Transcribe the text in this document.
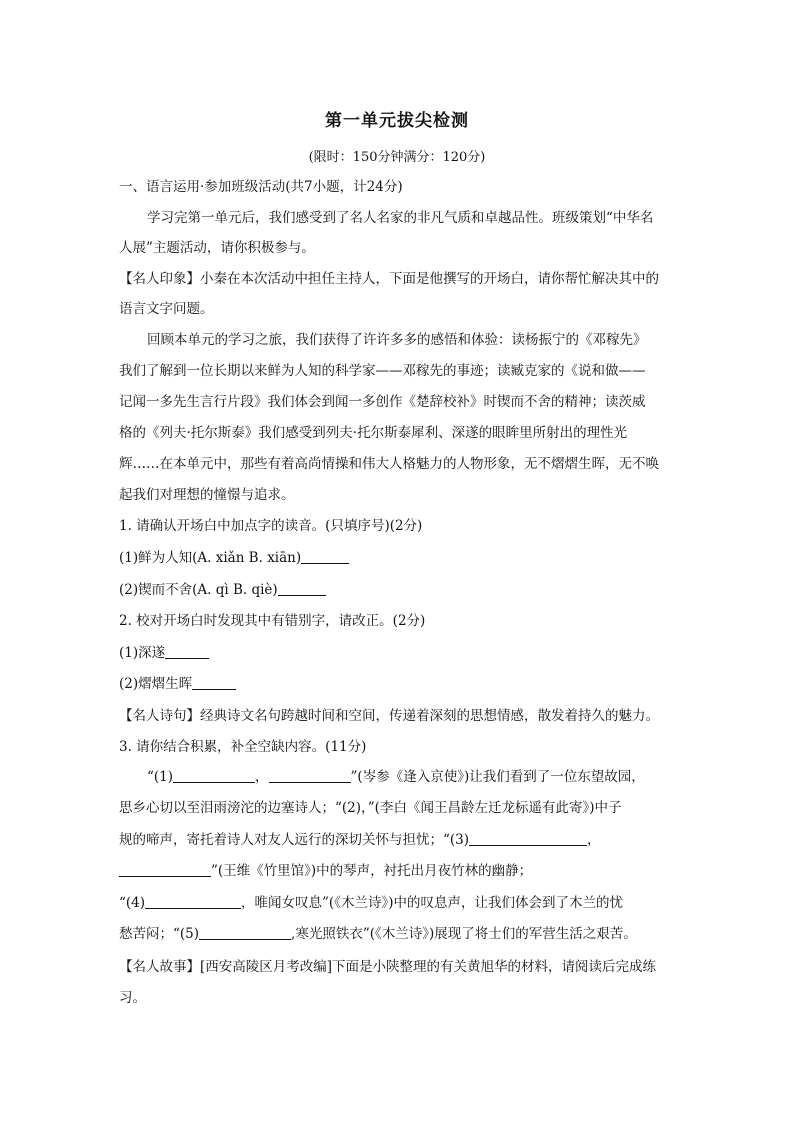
第一单元拔尖检测
(限时：150分钟满分：120分)
一、语言运用·参加班级活动(共7小题，计24分)
学习完第一单元后，我们感受到了名人名家的非凡气质和卓越品性。班级策划“中华名
人展”主题活动，请你积极参与。
【名人印象】小秦在本次活动中担任主持人，下面是他撰写的开场白，请你帮忙解决其中的
语言文字问题。
回顾本单元的学习之旅，我们获得了许许多多的感悟和体验：读杨振宁的《邓稼先》
我们了解到一位长期以来鲜为人知的科学家——邓稼先的事迹；读臧克家的《说和做——
记闻一多先生言行片段》我们体会到闻一多创作《楚辞校补》时锲而不舍的精神；读茨威
格的《列夫·托尔斯泰》我们感受到列夫·托尔斯泰犀利、深遂的眼眸里所射出的理性光
辉……在本单元中，那些有着高尚情操和伟大人格魅力的人物形象，无不熠熠生晖，无不唤
起我们对理想的憧憬与追求。
1. 请确认开场白中加点字的读音。(只填序号)(2分)
(1)鲜为人知(A. xiǎn B. xiān)
(2)锲而不舍(A. qì B. qiè)
2. 校对开场白时发现其中有错别字，请改正。(2分)
(1)深遂
(2)熠熠生晖
【名人诗句】经典诗文名句跨越时间和空间，传递着深刻的思想情感，散发着持久的魅力。
3. 请你结合积累，补全空缺内容。(11分)
“(1)	，	”(岑参《逢入京使》)让我们看到了一位东望故园，
思乡心切以至泪雨滂沱的边塞诗人；“(2)，”(李白《闻王昌龄左迁龙标遥有此寄》)中子
规的啼声，寄托着诗人对友人远行的深切关怀与担忧；“(3)	，
”(王维《竹里馆》)中的琴声，衬托出月夜竹林的幽静；
“(4)	，唯闻女叹息”(《木兰诗》)中的叹息声，让我们体会到了木兰的忧
愁苦闷；“(5)	,寒光照铁衣”(《木兰诗》)展现了将士们的军营生活之艰苦。
【名人故事】[西安高陵区月考改编]下面是小陕整理的有关黄旭华的材料，请阅读后完成练
习。
